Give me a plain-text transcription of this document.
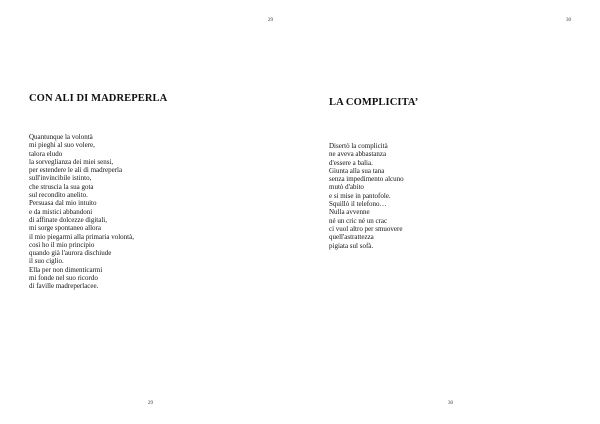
29
CON ALI DI MADREPERLA
Quantunque la volontà
mi pieghi al suo volere,
talora eludo
la sorveglianza dei miei sensi,
per estendere le ali di madreperla
sull'invincibile istinto,
che struscia la sua gota
sul recondito anelito.
Persuasa dal mio intuito
e da mistici abbandoni
di affinate dolcezze digitali,
mi sorge spontaneo allora
il mio piegarmi alla primaria volontà,
così ho il mio principio
quando già l'aurora dischiude
il suo ciglio.
Ella per non dimenticarmi
mi fonde nel suo ricordo
di faville madreperlacee.
29
30
LA COMPLICITA’
Disertò la complicità
ne aveva abbastanza
d'essere a balia.
Giunta alla sua tana
senza impedimento alcuno
mutò d'abito
e si mise in pantofole.
Squillò il telefono…
Nulla avvenne
né un cric né un crac
ci vuol altro per smuovere
quell'astrattezza
pigiata sul sofà.
30
